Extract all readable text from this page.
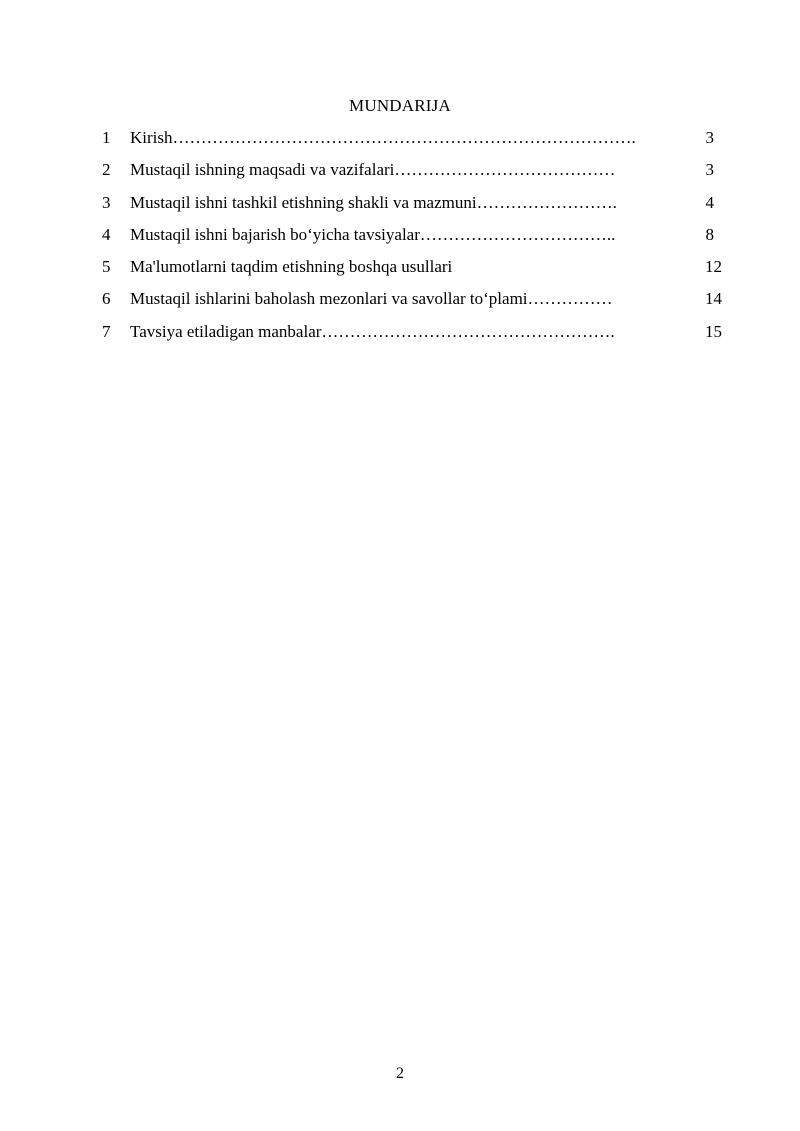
MUNDARIJA
1	Kirish……………………………………………………………………….	3
2	Mustaqil ishning maqsadi va vazifalari…………………………………	3
3	Mustaqil ishni tashkil etishning shakli va mazmuni…………………….	4
4	Mustaqil ishni bajarish bo‘yicha tavsiyalar……………………………..	8
5	Ma'lumotlarni taqdim etishning boshqa usullari	12
6	Mustaqil ishlarini baholash mezonlari va savollar to‘plami……………	14
7	Tavsiya etiladigan manbalar…………………………………………….	15
2
